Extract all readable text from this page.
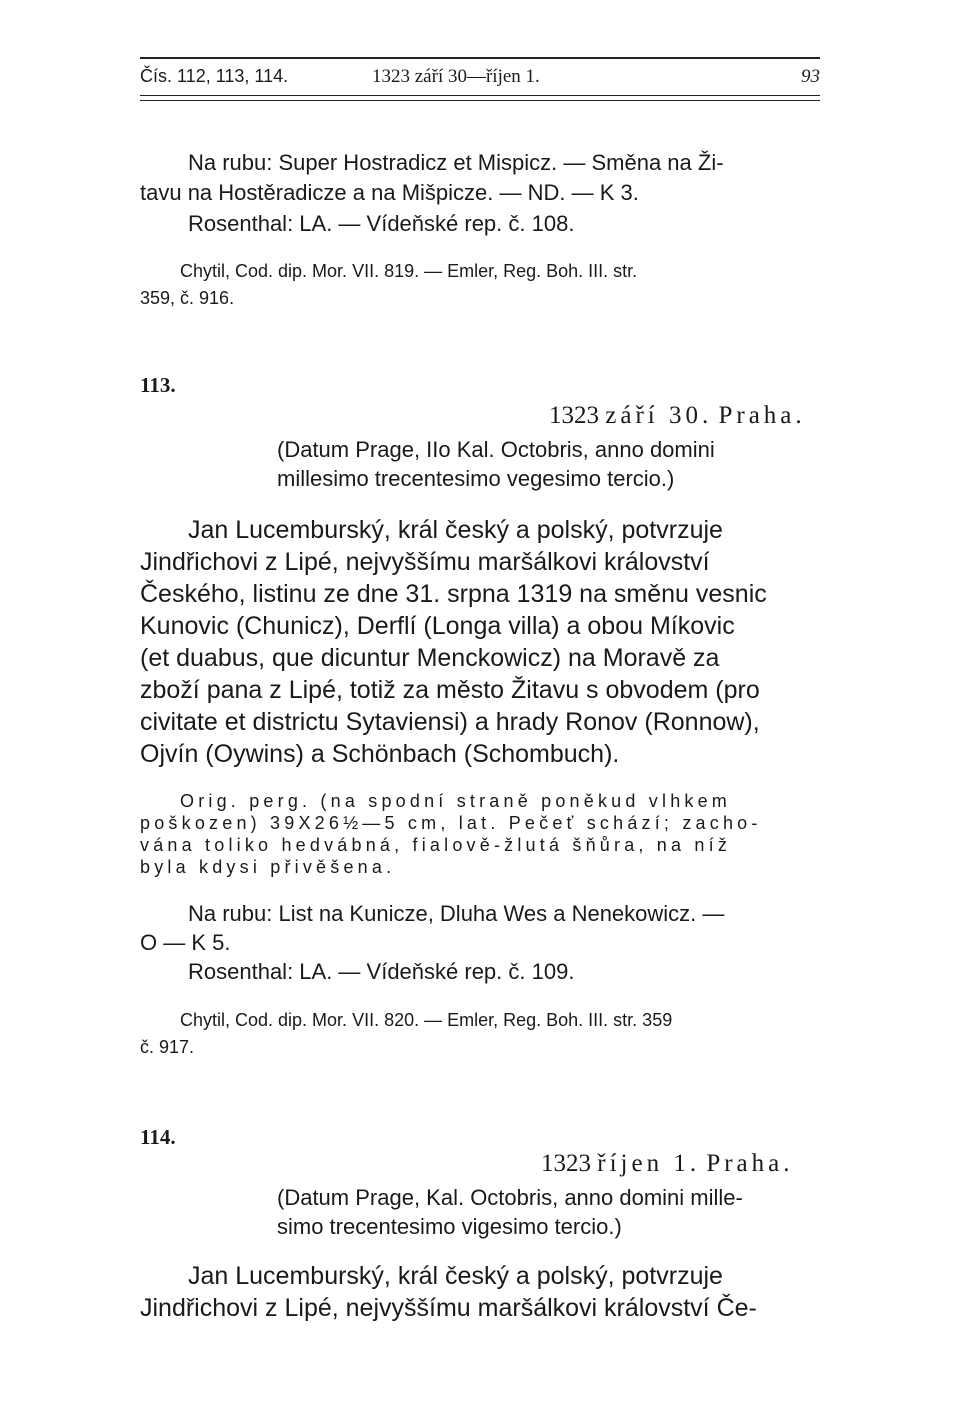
Čís. 112, 113, 114.	1323 září 30—říjen 1.	93
Na rubu: Super Hostradicz et Mispicz. — Směna na Ži-
tavu na Hostěradicze a na Mišpicze. — ND. — K 3.
Rosenthal: LA. — Vídeňské rep. č. 108.
Chytil, Cod. dip. Mor. VII. 819. — Emler, Reg. Boh. III. str.
359, č. 916.
113.
1323 září 30. Praha.
(Datum Prage, IIo Kal. Octobris, anno domini
millesimo trecentesimo vegesimo tercio.)
Jan Lucemburský, král český a polský, potvrzuje
Jindřichovi z Lipé, nejvyššímu maršálkovi království
Českého, listinu ze dne 31. srpna 1319 na směnu vesnic
Kunovic (Chunicz), Derflí (Longa villa) a obou Míkovic
(et duabus, que dicuntur Menckowicz) na Moravě za
zboží pana z Lipé, totiž za město Žitavu s obvodem (pro
civitate et districtu Sytaviensi) a hrady Ronov (Ronnow),
Ojvín (Oywins) a Schönbach (Schombuch).
Orig. perg. (na spodní straně poněkud vlhkem
poškozen) 39X26½—5 cm, lat. Pečeť schází; zacho-
vána toliko hedvábná, fialově-žlutá šňůra, na níž
byla kdysi přivěšena.
Na rubu: List na Kunicze, Dluha Wes a Nenekowicz. —
O — K 5.
Rosenthal: LA. — Vídeňské rep. č. 109.
Chytil, Cod. dip. Mor. VII. 820. — Emler, Reg. Boh. III. str. 359
č. 917.
114.
1323 říjen 1. Praha.
(Datum Prage, Kal. Octobris, anno domini mille-
simo trecentesimo vigesimo tercio.)
Jan Lucemburský, král český a polský, potvrzuje
Jindřichovi z Lipé, nejvyššímu maršálkovi království Če-
